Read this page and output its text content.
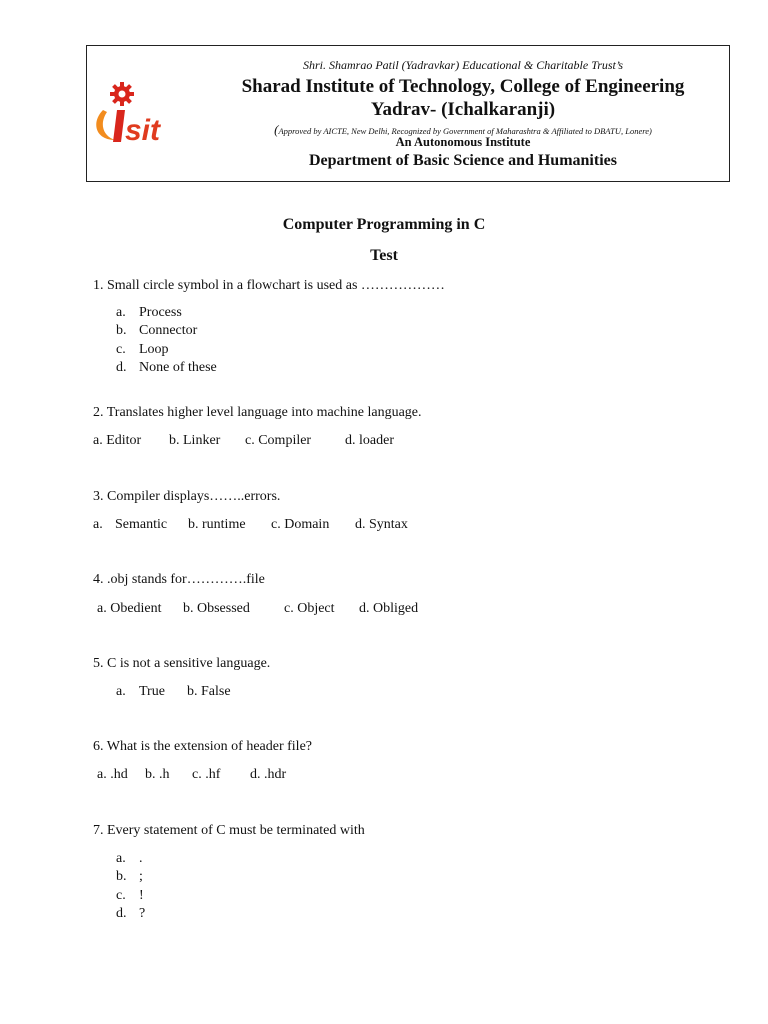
sit
Shri. Shamrao Patil (Yadravkar) Educational & Charitable Trust’s
Sharad Institute of Technology, College of Engineering
Yadrav- (Ichalkaranji)
(Approved by AICTE, New Delhi, Recognized by Government of Maharashtra & Affiliated to DBATU, Lonere)
An Autonomous Institute
Department of Basic Science and Humanities
Computer Programming in C
Test
1. Small circle symbol in a flowchart is used as ………………
a. Process
b. Connector
c. Loop
d. None of these
2. Translates higher level language into machine language.
a. Editor b. Linker c. Compiler d. loader
3. Compiler displays……..errors.
a. Semantic b. runtime c. Domain d. Syntax
4. .obj stands for………….file
a. Obedient b. Obsessed c. Object d. Obliged
5. C is not a sensitive language.
a. True b. False
6. What is the extension of header file?
a. .hd b. .h c. .hf d. .hdr
7. Every statement of C must be terminated with
a. .
b. ;
c. !
d. ?
